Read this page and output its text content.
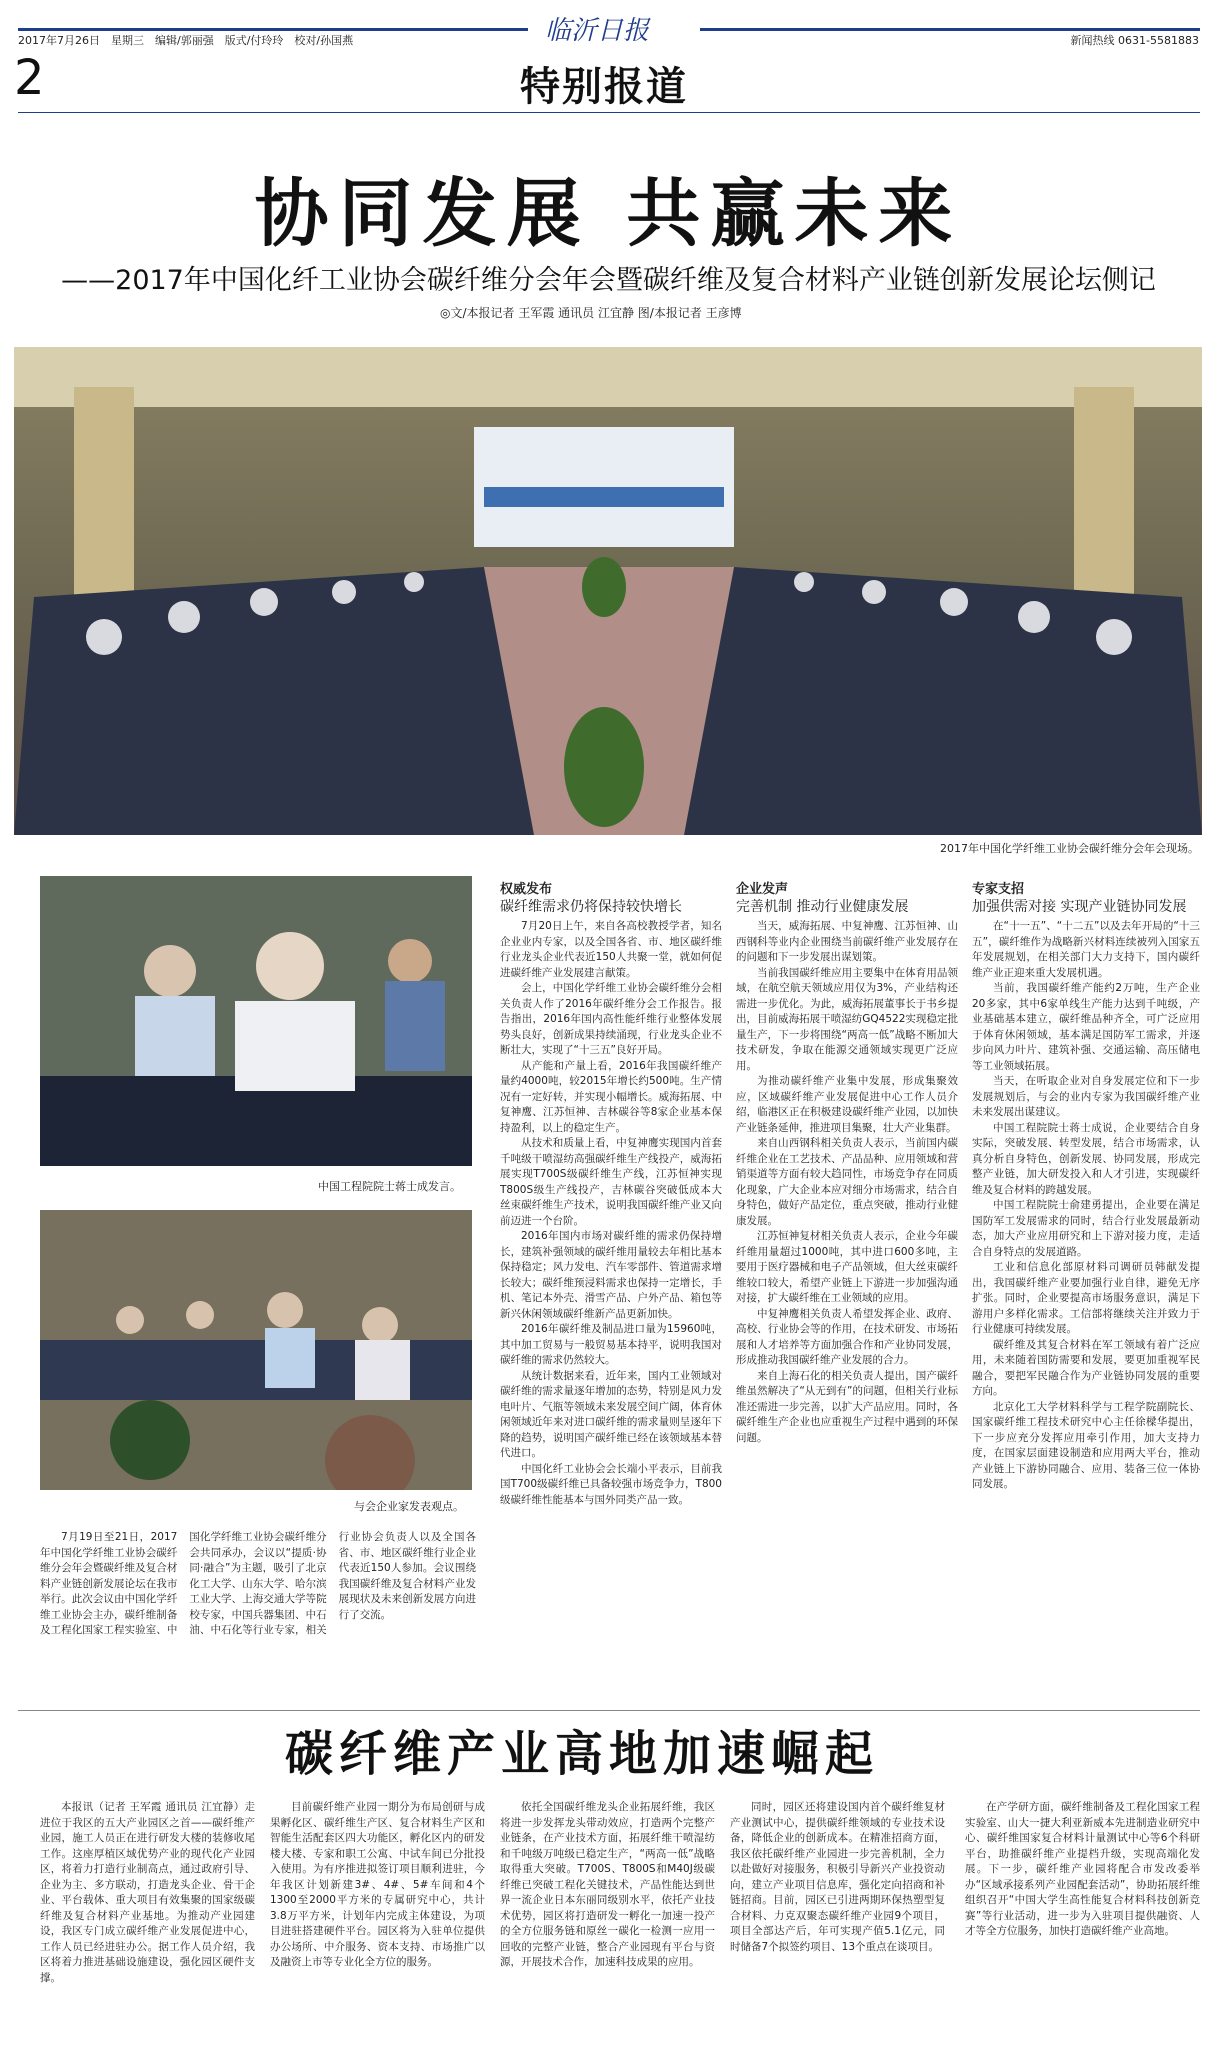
2017年7月26日　星期三　编辑/郭丽强　版式/付玲玲　校对/孙国燕	临沂日报	新闻热线 0631-5581883
2	特别报道
协同发展 共赢未来
——2017年中国化纤工业协会碳纤维分会年会暨碳纤维及复合材料产业链创新发展论坛侧记
◎文/本报记者 王军霞 通讯员 江宜静 图/本报记者 王彦博
2017年中国化学纤维工业协会碳纤维分会年会现场。
中国工程院院士蒋士成发言。
与会企业家发表观点。

7月19日至21日，2017年中国化学纤维工业协会碳纤维分会年会暨碳纤维及复合材料产业链创新发展论坛在我市举行。此次会议由中国化学纤维工业协会主办，碳纤维制备及工程化国家工程实验室、中国化学纤维工业协会碳纤维分会共同承办，会议以“提质·协同·融合”为主题，吸引了北京化工大学、山东大学、哈尔滨工业大学、上海交通大学等院校专家，中国兵器集团、中石油、中石化等行业专家，相关行业协会负责人以及全国各省、市、地区碳纤维行业企业代表近150人参加。会议围绕我国碳纤维及复合材料产业发展现状及未来创新发展方向进行了交流。

权威发布
碳纤维需求仍将保持较快增长

7月20日上午，来自各高校教授学者，知名企业业内专家，以及全国各省、市、地区碳纤维行业龙头企业代表近150人共聚一堂，就如何促进碳纤维产业发展建言献策。

会上，中国化学纤维工业协会碳纤维分会相关负责人作了2016年碳纤维分会工作报告。报告指出，2016年国内高性能纤维行业整体发展势头良好，创新成果持续涌现，行业龙头企业不断壮大，实现了“十三五”良好开局。

从产能和产量上看，2016年我国碳纤维产量约4000吨，较2015年增长约500吨。生产情况有一定好转，并实现小幅增长。威海拓展、中复神鹰、江苏恒神、吉林碳谷等8家企业基本保持盈利，以上的稳定生产。

从技术和质量上看，中复神鹰实现国内首套千吨级干喷湿纺高强碳纤维生产线投产，威海拓展实现T700S级碳纤维生产线，江苏恒神实现T800S级生产线投产，吉林碳谷突破低成本大丝束碳纤维生产技术，说明我国碳纤维产业又向前迈进一个台阶。

2016年国内市场对碳纤维的需求仍保持增长，建筑补强领域的碳纤维用量较去年相比基本保持稳定；风力发电、汽车零部件、管道需求增长较大；碳纤维预浸料需求也保持一定增长，手机、笔记本外壳、滑雪产品、户外产品、箱包等新兴休闲领域碳纤维新产品更新加快。

2016年碳纤维及制品进口量为15960吨，其中加工贸易与一般贸易基本持平，说明我国对碳纤维的需求仍然较大。

从统计数据来看，近年来，国内工业领域对碳纤维的需求量逐年增加的态势，特别是风力发电叶片、气瓶等领域未来发展空间广阔，体育休闲领域近年来对进口碳纤维的需求量则呈逐年下降的趋势，说明国产碳纤维已经在该领域基本替代进口。

中国化纤工业协会会长端小平表示，目前我国T700级碳纤维已具备较强市场竞争力，T800级碳纤维性能基本与国外同类产品一致。

企业发声
完善机制 推动行业健康发展

当天，威海拓展、中复神鹰、江苏恒神、山西钢科等业内企业围绕当前碳纤维产业发展存在的问题和下一步发展出谋划策。

当前我国碳纤维应用主要集中在体育用品领域，在航空航天领域应用仅为3%，产业结构还需进一步优化。为此，威海拓展董事长于书乡提出，目前威海拓展干喷湿纺GQ4522实现稳定批量生产，下一步将围绕“两高一低”战略不断加大技术研发，争取在能源交通领域实现更广泛应用。

为推动碳纤维产业集中发展，形成集聚效应，区域碳纤维产业发展促进中心工作人员介绍，临港区正在积极建设碳纤维产业园，以加快产业链条延伸，推进项目集聚，壮大产业集群。

来自山西钢科相关负责人表示，当前国内碳纤维企业在工艺技术、产品品种、应用领域和营销渠道等方面有较大趋同性，市场竞争存在同质化现象，广大企业本应对细分市场需求，结合自身特色，做好产品定位，重点突破，推动行业健康发展。

江苏恒神复材相关负责人表示，企业今年碳纤维用量超过1000吨，其中进口600多吨，主要用于医疗器械和电子产品领域，但大丝束碳纤维较口较大，希望产业链上下游进一步加强沟通对接，扩大碳纤维在工业领域的应用。

中复神鹰相关负责人希望发挥企业、政府、高校、行业协会等的作用，在技术研发、市场拓展和人才培养等方面加强合作和产业协同发展，形成推动我国碳纤维产业发展的合力。

来自上海石化的相关负责人提出，国产碳纤维虽然解决了“从无到有”的问题，但相关行业标准还需进一步完善，以扩大产品应用。同时，各碳纤维生产企业也应重视生产过程中遇到的环保问题。

专家支招
加强供需对接 实现产业链协同发展

在“十一五”、“十二五”以及去年开局的“十三五”，碳纤维作为战略新兴材料连续被列入国家五年发展规划，在相关部门大力支持下，国内碳纤维产业正迎来重大发展机遇。

当前，我国碳纤维产能约2万吨，生产企业20多家，其中6家单线生产能力达到千吨级，产业基础基本建立，碳纤维品种齐全，可广泛应用于体育休闲领域，基本满足国防军工需求，并逐步向风力叶片、建筑补强、交通运输、高压储电等工业领域拓展。

当天，在听取企业对自身发展定位和下一步发展规划后，与会的业内专家为我国碳纤维产业未来发展出谋建议。

中国工程院院士蒋士成说，企业要结合自身实际，突破发展、转型发展，结合市场需求，认真分析自身特色，创新发展、协同发展，形成完整产业链，加大研发投入和人才引进，实现碳纤维及复合材料的跨越发展。

中国工程院院士俞建勇提出，企业要在满足国防军工发展需求的同时，结合行业发展最新动态，加大产业应用研究和上下游对接力度，走适合自身特点的发展道路。

工业和信息化部原材料司调研员韩献发提出，我国碳纤维产业要加强行业自律，避免无序扩张。同时，企业要提高市场服务意识，满足下游用户多样化需求。工信部将继续关注并致力于行业健康可持续发展。

碳纤维及其复合材料在军工领域有着广泛应用，未来随着国防需要和发展，要更加重视军民融合，要把军民融合作为产业链协同发展的重要方向。

北京化工大学材料科学与工程学院副院长、国家碳纤维工程技术研究中心主任徐樑华提出，下一步应充分发挥应用牵引作用，加大支持力度，在国家层面建设制造和应用两大平台，推动产业链上下游协同融合、应用、装备三位一体协同发展。

碳纤维产业高地加速崛起

本报讯（记者 王军霞 通讯员 江宜静）走进位于我区的五大产业园区之首——碳纤维产业园，施工人员正在进行研发大楼的装修收尾工作。这座厚植区域优势产业的现代化产业园区，将着力打造行业制高点，通过政府引导、企业为主、多方联动，打造龙头企业、骨干企业、平台载体、重大项目有效集聚的国家级碳纤维及复合材料产业基地。为推动产业园建设，我区专门成立碳纤维产业发展促进中心，工作人员已经进驻办公。据工作人员介绍，我区将着力推进基础设施建设，强化园区硬件支撑。

目前碳纤维产业园一期分为布局创研与成果孵化区、碳纤维生产区、复合材料生产区和智能生活配套区四大功能区，孵化区内的研发楼大楼、专家和职工公寓、中试车间已分批投入使用。为有序推进拟签订项目顺利进驻，今年我区计划新建3#、4#、5#车间和4个1300至2000平方米的专属研究中心，共计3.8万平方米，计划年内完成主体建设，为项目进驻搭建硬件平台。园区将为入驻单位提供办公场所、中介服务、资本支持、市场推广以及融资上市等专业化全方位的服务。

依托全国碳纤维龙头企业拓展纤维，我区将进一步发挥龙头带动效应，打造两个完整产业链条，在产业技术方面，拓展纤维干喷湿纺和千吨级万吨级已稳定生产，“两高一低”战略取得重大突破。T700S、T800S和M40J级碳纤维已突破工程化关键技术，产品性能达到世界一流企业日本东丽同级别水平，依托产业技术优势，园区将打造研发一孵化一加速一投产的全方位服务链和原丝一碳化一检测一应用一回收的完整产业链，整合产业园现有平台与资源，开展技术合作，加速科技成果的应用。

同时，园区还将建设国内首个碳纤维复材产业测试中心，提供碳纤维领域的专业技术设备，降低企业的创新成本。在精准招商方面，我区依托碳纤维产业园进一步完善机制，全力以赴做好对接服务，积极引导新兴产业投资动向，建立产业项目信息库，强化定向招商和补链招商。目前，园区已引进两期环保热塑型复合材料、力克双聚态碳纤维产业园9个项目，项目全部达产后，年可实现产值5.1亿元，同时储备7个拟签约项目、13个重点在谈项目。

在产学研方面，碳纤维制备及工程化国家工程实验室、山大一捷大利亚新威本先进制造业研究中心、碳纤维国家复合材料计量测试中心等6个科研平台，助推碳纤维产业提档升级，实现高端化发展。下一步，碳纤维产业园将配合市发改委举办“区域承接系列产业园配套活动”，协助拓展纤维组织召开“中国大学生高性能复合材料科技创新竞赛”等行业活动，进一步为入驻项目提供融资、人才等全方位服务，加快打造碳纤维产业高地。
